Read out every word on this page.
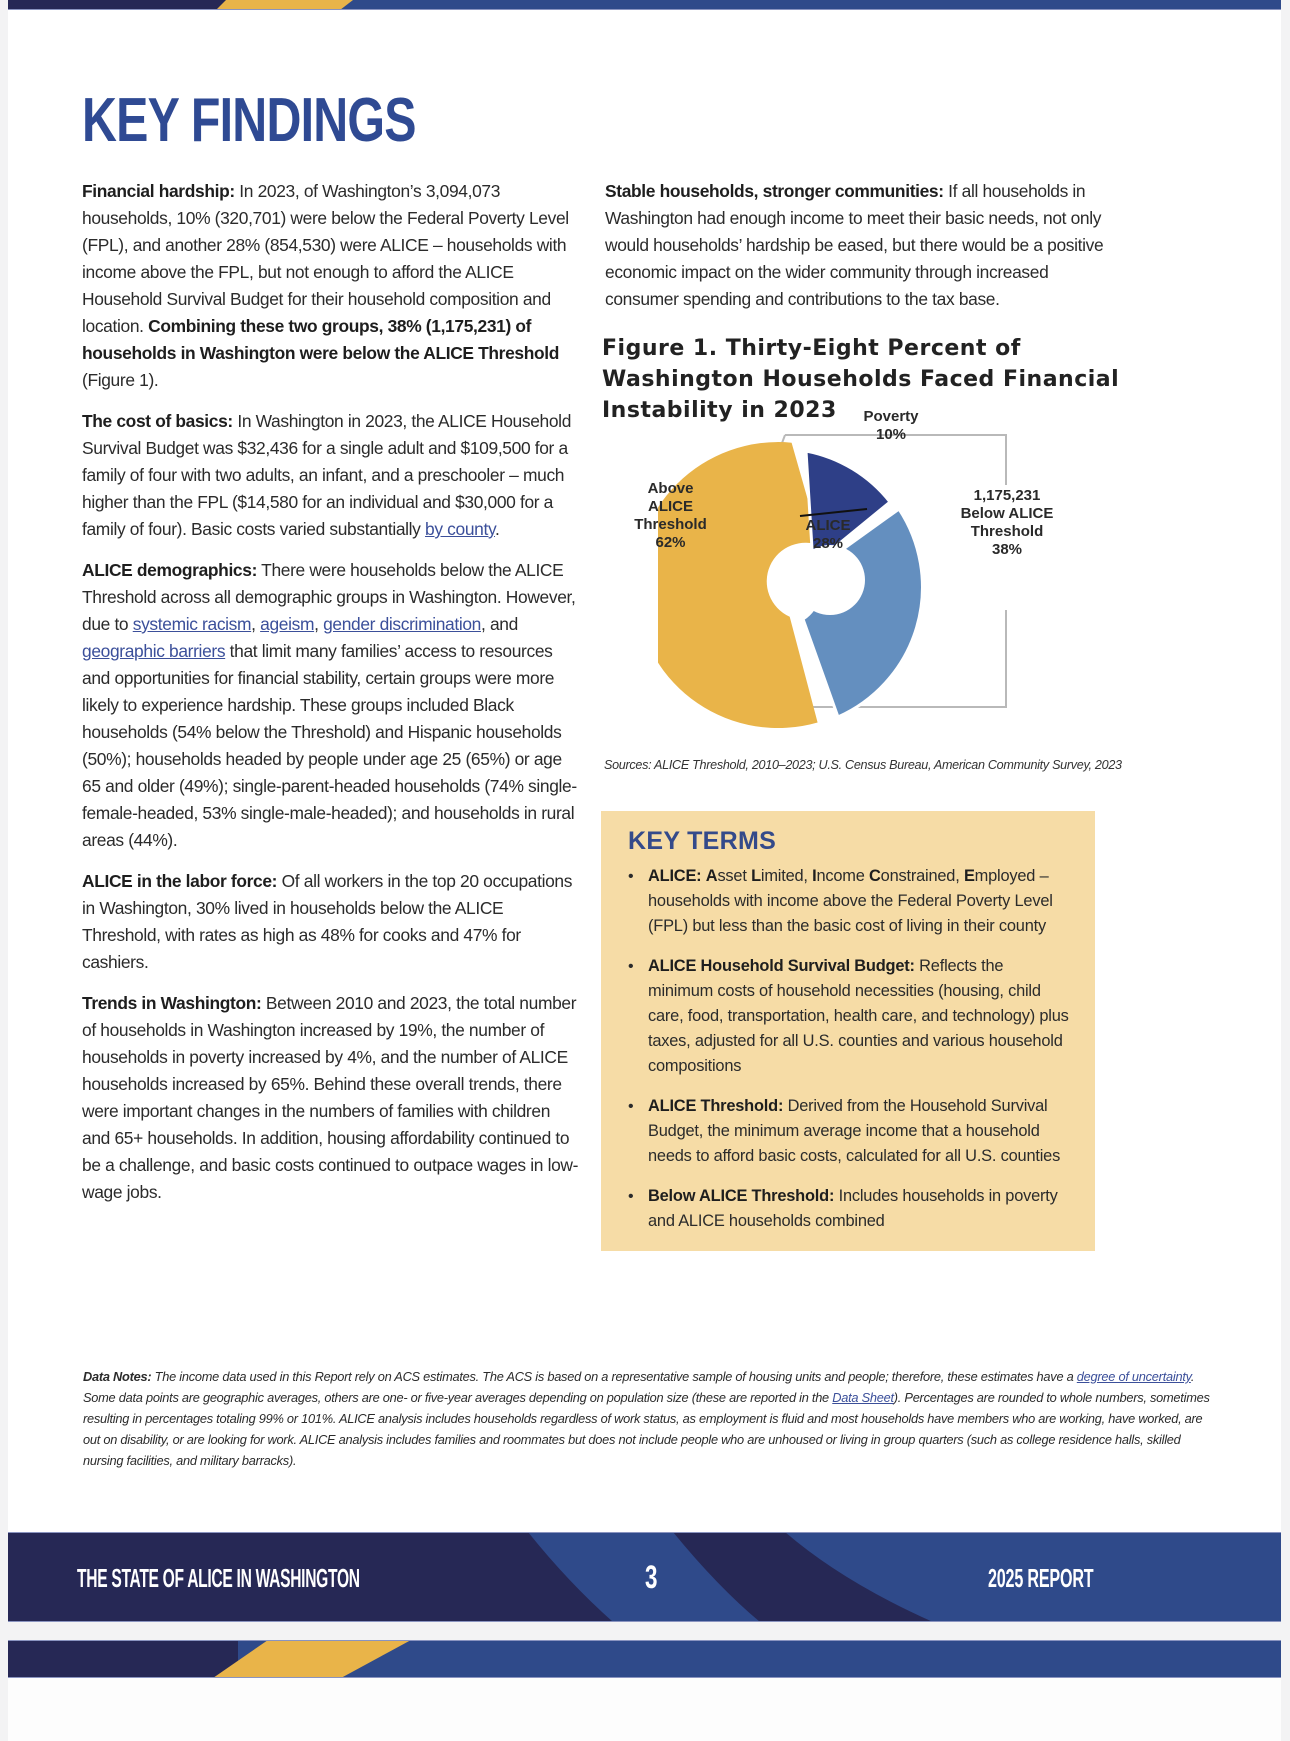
KEY FINDINGS

Financial hardship: In 2023, of Washington’s 3,094,073 households, 10% (320,701) were below the Federal Poverty Level (FPL), and another 28% (854,530) were ALICE – households with income above the FPL, but not enough to afford the ALICE Household Survival Budget for their household composition and location. Combining these two groups, 38% (1,175,231) of households in Washington were below the ALICE Threshold (Figure 1).

The cost of basics: In Washington in 2023, the ALICE Household Survival Budget was $32,436 for a single adult and $109,500 for a family of four with two adults, an infant, and a preschooler – much higher than the FPL ($14,580 for an individual and $30,000 for a family of four). Basic costs varied substantially by county.

ALICE demographics: There were households below the ALICE Threshold across all demographic groups in Washington. However, due to systemic racism, ageism, gender discrimination, and geographic barriers that limit many families’ access to resources and opportunities for financial stability, certain groups were more likely to experience hardship. These groups included Black households (54% below the Threshold) and Hispanic households (50%); households headed by people under age 25 (65%) or age 65 and older (49%); single-parent-headed households (74% single-female-headed, 53% single-male-headed); and households in rural areas (44%).

ALICE in the labor force: Of all workers in the top 20 occupations in Washington, 30% lived in households below the ALICE Threshold, with rates as high as 48% for cooks and 47% for cashiers.

Trends in Washington: Between 2010 and 2023, the total number of households in Washington increased by 19%, the number of households in poverty increased by 4%, and the number of ALICE households increased by 65%. Behind these overall trends, there were important changes in the numbers of families with children and 65+ households. In addition, housing affordability continued to be a challenge, and basic costs continued to outpace wages in low-wage jobs.

Stable households, stronger communities: If all households in Washington had enough income to meet their basic needs, not only would households’ hardship be eased, but there would be a positive economic impact on the wider community through increased consumer spending and contributions to the tax base.

Figure 1. Thirty-Eight Percent of Washington Households Faced Financial Instability in 2023
Above
ALICE
Threshold
62%
Poverty
10%
ALICE
28%
1,175,231
Below ALICE
Threshold
38%
Sources: ALICE Threshold, 2010–2023; U.S. Census Bureau, American Community Survey, 2023
KEY TERMS
• ALICE: Asset Limited, Income Constrained, Employed – households with income above the Federal Poverty Level (FPL) but less than the basic cost of living in their county
• ALICE Household Survival Budget: Reflects the minimum costs of household necessities (housing, child care, food, transportation, health care, and technology) plus taxes, adjusted for all U.S. counties and various household compositions
• ALICE Threshold: Derived from the Household Survival Budget, the minimum average income that a household needs to afford basic costs, calculated for all U.S. counties
• Below ALICE Threshold: Includes households in poverty and ALICE households combined

Data Notes: The income data used in this Report rely on ACS estimates. The ACS is based on a representative sample of housing units and people; therefore, these estimates have a degree of uncertainty. Some data points are geographic averages, others are one- or five-year averages depending on population size (these are reported in the Data Sheet). Percentages are rounded to whole numbers, sometimes resulting in percentages totaling 99% or 101%. ALICE analysis includes households regardless of work status, as employment is fluid and most households have members who are working, have worked, are out on disability, or are looking for work. ALICE analysis includes families and roommates but does not include people who are unhoused or living in group quarters (such as college residence halls, skilled nursing facilities, and military barracks).

THE STATE OF ALICE IN WASHINGTON	3	2025 REPORT
